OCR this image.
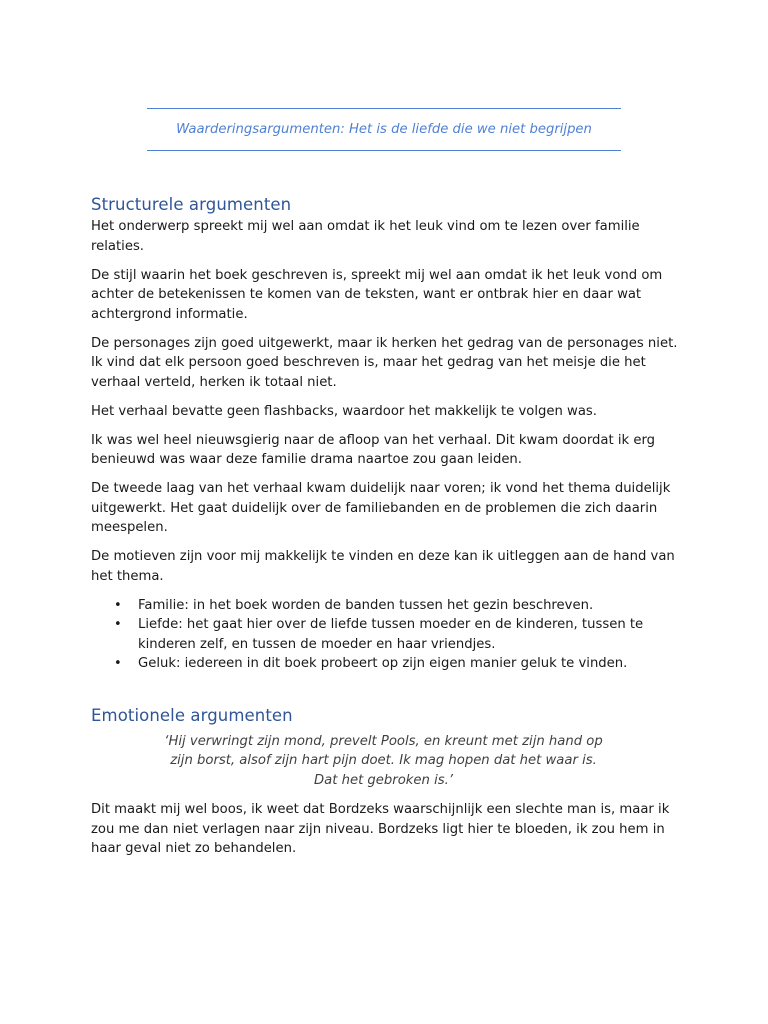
Waarderingsargumenten: Het is de liefde die we niet begrijpen
Structurele argumenten

Het onderwerp spreekt mij wel aan omdat ik het leuk vind om te lezen over familie relaties.

De stijl waarin het boek geschreven is, spreekt mij wel aan omdat ik het leuk vond om achter de betekenissen te komen van de teksten, want er ontbrak hier en daar wat achtergrond informatie.

De personages zijn goed uitgewerkt, maar ik herken het gedrag van de personages niet. Ik vind dat elk persoon goed beschreven is, maar het gedrag van het meisje die het verhaal verteld, herken ik totaal niet.

Het verhaal bevatte geen flashbacks, waardoor het makkelijk te volgen was.

Ik was wel heel nieuwsgierig naar de afloop van het verhaal. Dit kwam doordat ik erg benieuwd was waar deze familie drama naartoe zou gaan leiden.

De tweede laag van het verhaal kwam duidelijk naar voren; ik vond het thema duidelijk uitgewerkt. Het gaat duidelijk over de familiebanden en de problemen die zich daarin meespelen.

De motieven zijn voor mij makkelijk te vinden en deze kan ik uitleggen aan de hand van het thema.

• Familie: in het boek worden de banden tussen het gezin beschreven.
• Liefde: het gaat hier over de liefde tussen moeder en de kinderen, tussen te kinderen zelf, en tussen de moeder en haar vriendjes.
• Geluk: iedereen in dit boek probeert op zijn eigen manier geluk te vinden.
Emotionele argumenten
‘Hij verwringt zijn mond, prevelt Pools, en kreunt met zijn hand op zijn borst, alsof zijn hart pijn doet. Ik mag hopen dat het waar is. Dat het gebroken is.’

Dit maakt mij wel boos, ik weet dat Bordzeks waarschijnlijk een slechte man is, maar ik zou me dan niet verlagen naar zijn niveau. Bordzeks ligt hier te bloeden, ik zou hem in haar geval niet zo behandelen.
